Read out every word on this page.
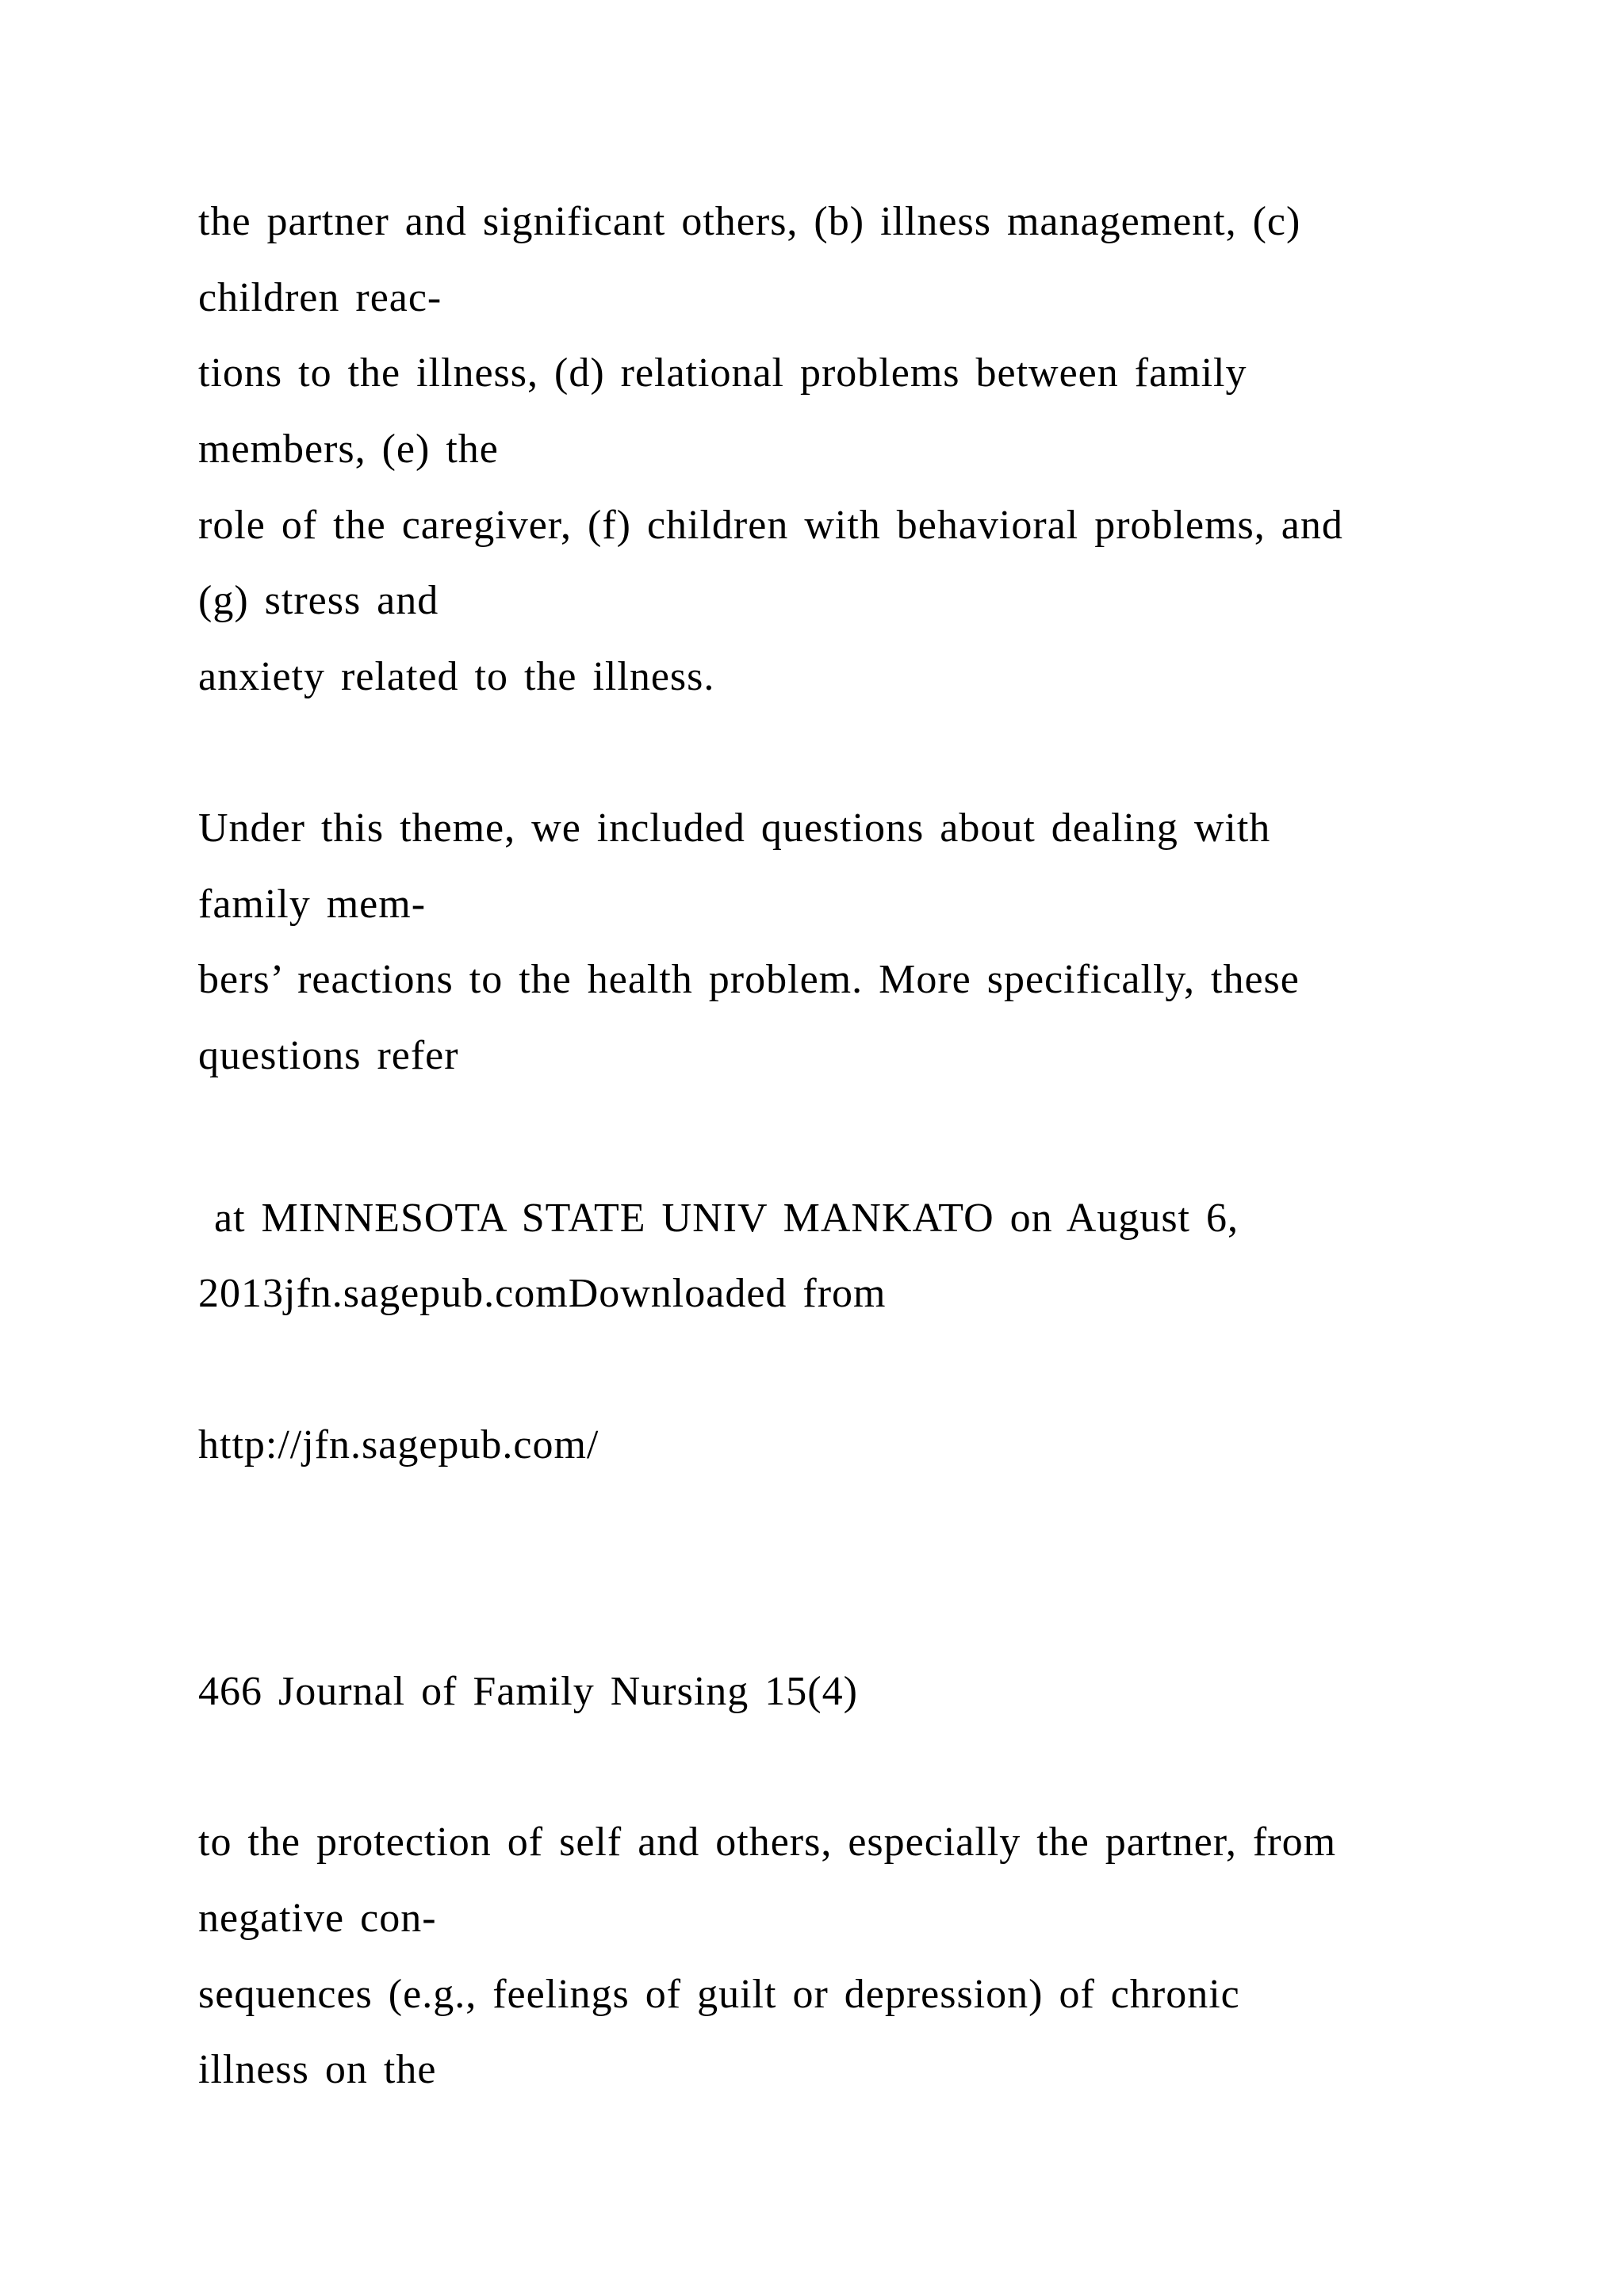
the partner and significant others, (b) illness management, (c)
children reac-
tions to the illness, (d) relational problems between family
members, (e) the
role of the caregiver, (f) children with behavioral problems, and
(g) stress and
anxiety related to the illness.
Under this theme, we included questions about dealing with
family mem-
bers’ reactions to the health problem. More specifically, these
questions refer
at MINNESOTA STATE UNIV MANKATO on August 6,
2013jfn.sagepub.comDownloaded from
http://jfn.sagepub.com/
466 Journal of Family Nursing 15(4)
to the protection of self and others, especially the partner, from
negative con-
sequences (e.g., feelings of guilt or depression) of chronic
illness on the
